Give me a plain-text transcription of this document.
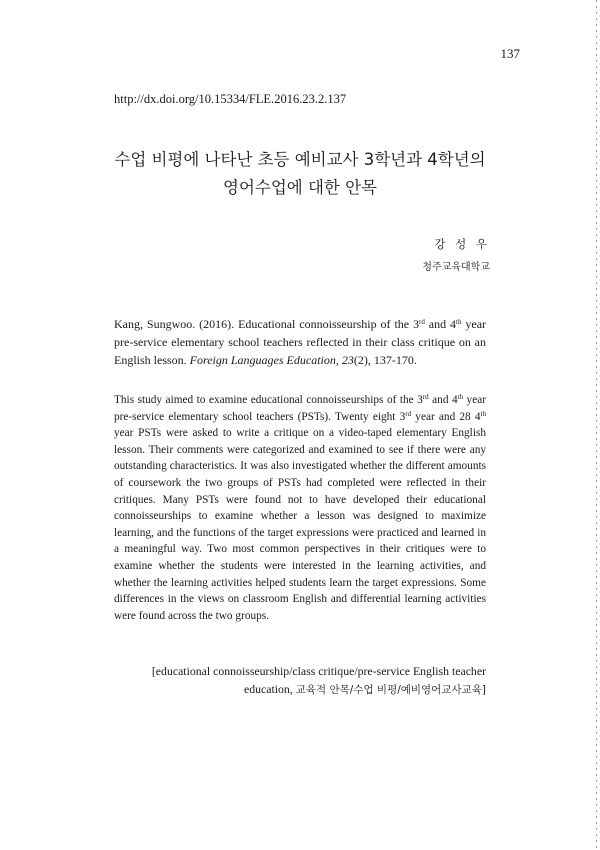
137
http://dx.doi.org/10.15334/FLE.2016.23.2.137
수업 비평에 나타난 초등 예비교사 3학년과 4학년의
영어수업에 대한 안목
강 성 우
청주교육대학교
Kang, Sungwoo. (2016). Educational connoisseurship of the 3rd and 4th year pre-service elementary school teachers reflected in their class critique on an English lesson. Foreign Languages Education, 23(2), 137-170.
This study aimed to examine educational connoisseurships of the 3rd and 4th year pre-service elementary school teachers (PSTs). Twenty eight 3rd year and 28 4th year PSTs were asked to write a critique on a video-taped elementary English lesson. Their comments were categorized and examined to see if there were any outstanding characteristics. It was also investigated whether the different amounts of coursework the two groups of PSTs had completed were reflected in their critiques. Many PSTs were found not to have developed their educational connoisseurships to examine whether a lesson was designed to maximize learning, and the functions of the target expressions were practiced and learned in a meaningful way. Two most common perspectives in their critiques were to examine whether the students were interested in the learning activities, and whether the learning activities helped students learn the target expressions. Some differences in the views on classroom English and differential learning activities were found across the two groups.
[educational connoisseurship/class critique/pre-service English teacher education, 교육적 안목/수업 비평/예비영어교사교육]
